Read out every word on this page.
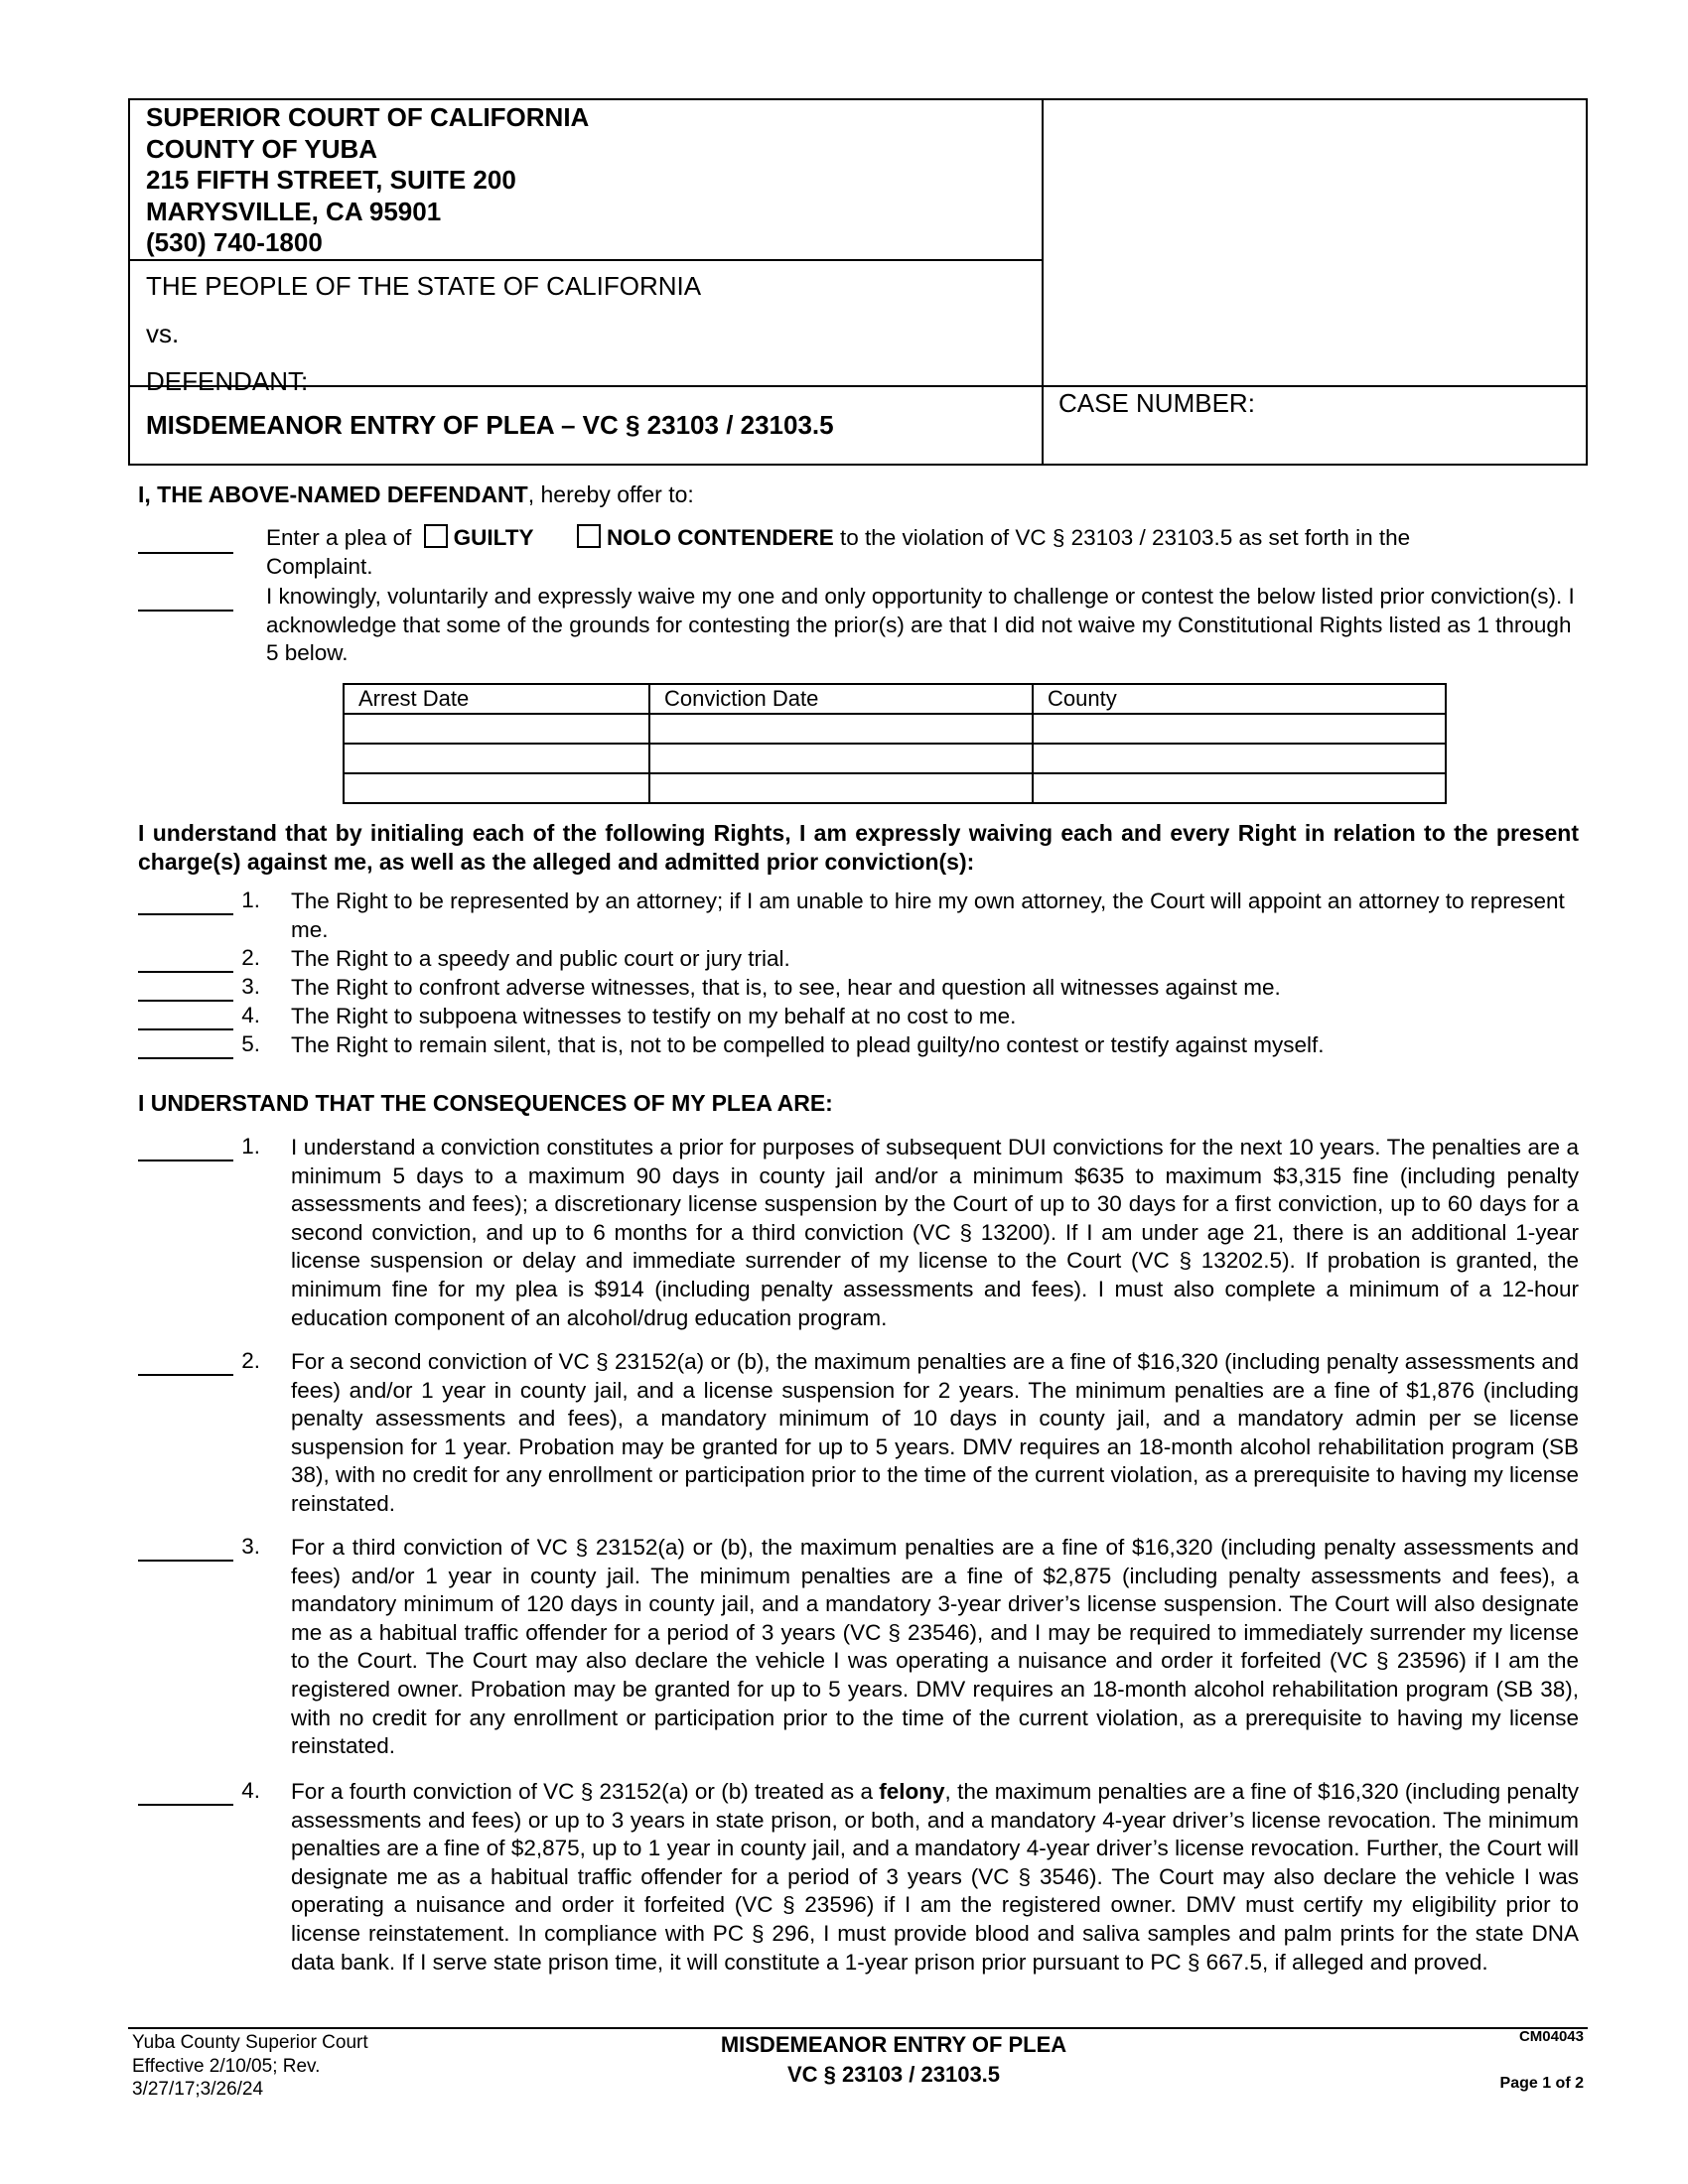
SUPERIOR COURT OF CALIFORNIA
COUNTY OF YUBA
215 FIFTH STREET, SUITE 200
MARYSVILLE, CA 95901
(530) 740-1800
THE PEOPLE OF THE STATE OF CALIFORNIA
vs.
DEFENDANT:
MISDEMEANOR ENTRY OF PLEA – VC § 23103 / 23103.5
CASE NUMBER:
I, THE ABOVE-NAMED DEFENDANT, hereby offer to:
Enter a plea of GUILTY	NOLO CONTENDERE to the violation of VC § 23103 / 23103.5 as set forth in the
Complaint.
I knowingly, voluntarily and expressly waive my one and only opportunity to challenge or contest the below listed prior conviction(s). I acknowledge that some of the grounds for contesting the prior(s) are that I did not waive my Constitutional Rights listed as 1 through 5 below.
Arrest Date	Conviction Date	County

I understand that by initialing each of the following Rights, I am expressly waiving each and every Right in relation to the present charge(s) against me, as well as the alleged and admitted prior conviction(s):
1. The Right to be represented by an attorney; if I am unable to hire my own attorney, the Court will appoint an attorney to represent me.
2. The Right to a speedy and public court or jury trial.
3. The Right to confront adverse witnesses, that is, to see, hear and question all witnesses against me.
4. The Right to subpoena witnesses to testify on my behalf at no cost to me.
5. The Right to remain silent, that is, not to be compelled to plead guilty/no contest or testify against myself.
I UNDERSTAND THAT THE CONSEQUENCES OF MY PLEA ARE:
1. I understand a conviction constitutes a prior for purposes of subsequent DUI convictions for the next 10 years. The penalties are a minimum 5 days to a maximum 90 days in county jail and/or a minimum $635 to maximum $3,315 fine (including penalty assessments and fees); a discretionary license suspension by the Court of up to 30 days for a first conviction, up to 60 days for a second conviction, and up to 6 months for a third conviction (VC § 13200). If I am under age 21, there is an additional 1-year license suspension or delay and immediate surrender of my license to the Court (VC § 13202.5). If probation is granted, the minimum fine for my plea is $914 (including penalty assessments and fees). I must also complete a minimum of a 12-hour education component of an alcohol/drug education program.
2. For a second conviction of VC § 23152(a) or (b), the maximum penalties are a fine of $16,320 (including penalty assessments and fees) and/or 1 year in county jail, and a license suspension for 2 years. The minimum penalties are a fine of $1,876 (including penalty assessments and fees), a mandatory minimum of 10 days in county jail, and a mandatory admin per se license suspension for 1 year. Probation may be granted for up to 5 years. DMV requires an 18-month alcohol rehabilitation program (SB 38), with no credit for any enrollment or participation prior to the time of the current violation, as a prerequisite to having my license reinstated.
3. For a third conviction of VC § 23152(a) or (b), the maximum penalties are a fine of $16,320 (including penalty assessments and fees) and/or 1 year in county jail. The minimum penalties are a fine of $2,875 (including penalty assessments and fees), a mandatory minimum of 120 days in county jail, and a mandatory 3-year driver’s license suspension. The Court will also designate me as a habitual traffic offender for a period of 3 years (VC § 23546), and I may be required to immediately surrender my license to the Court. The Court may also declare the vehicle I was operating a nuisance and order it forfeited (VC § 23596) if I am the registered owner. Probation may be granted for up to 5 years. DMV requires an 18-month alcohol rehabilitation program (SB 38), with no credit for any enrollment or participation prior to the time of the current violation, as a prerequisite to having my license reinstated.
4. For a fourth conviction of VC § 23152(a) or (b) treated as a felony, the maximum penalties are a fine of $16,320 (including penalty assessments and fees) or up to 3 years in state prison, or both, and a mandatory 4-year driver’s license revocation. The minimum penalties are a fine of $2,875, up to 1 year in county jail, and a mandatory 4-year driver’s license revocation. Further, the Court will designate me as a habitual traffic offender for a period of 3 years (VC § 3546). The Court may also declare the vehicle I was operating a nuisance and order it forfeited (VC § 23596) if I am the registered owner. DMV must certify my eligibility prior to license reinstatement. In compliance with PC § 296, I must provide blood and saliva samples and palm prints for the state DNA data bank. If I serve state prison time, it will constitute a 1-year prison prior pursuant to PC § 667.5, if alleged and proved.
Yuba County Superior Court
Effective 2/10/05; Rev.
3/27/17;3/26/24
MISDEMEANOR ENTRY OF PLEA
VC § 23103 / 23103.5
CM04043
Page 1 of 2
